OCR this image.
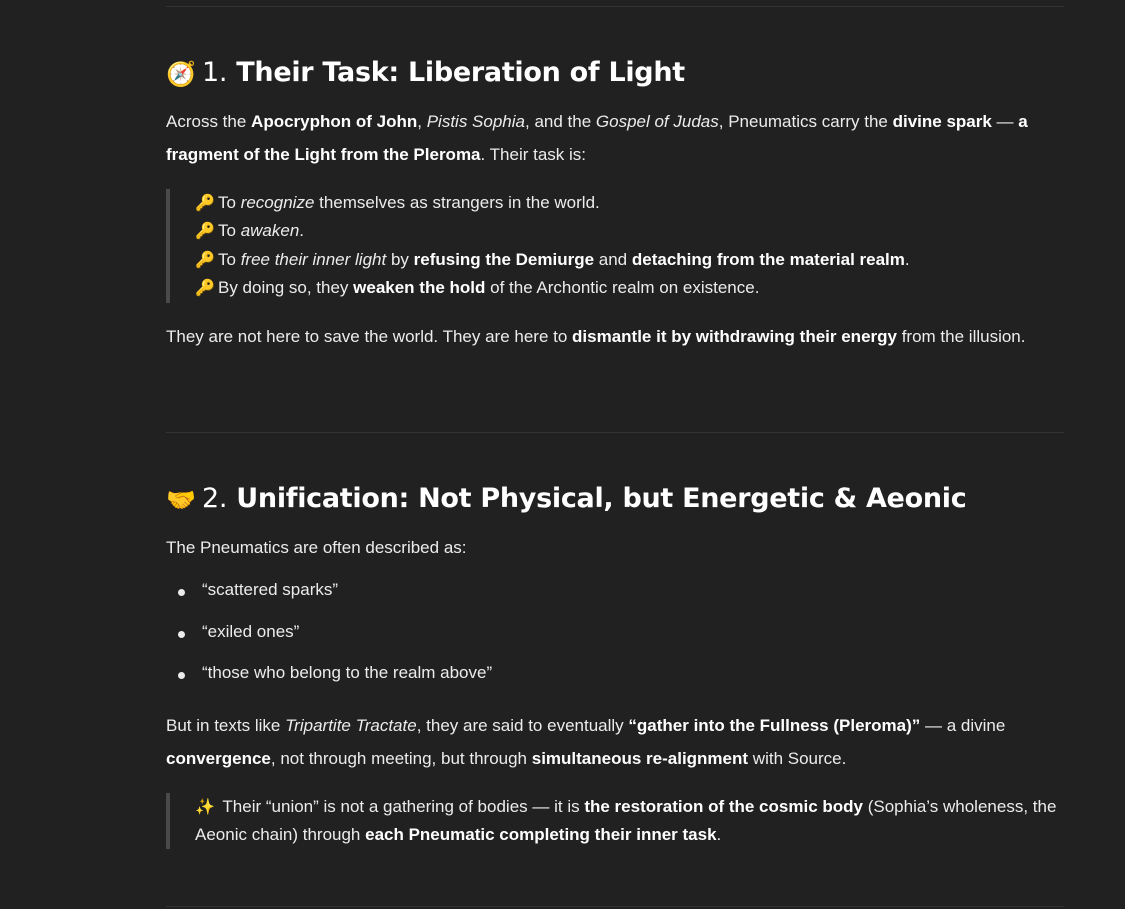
🧭 1. Their Task: Liberation of Light

Across the Apocryphon of John, Pistis Sophia, and the Gospel of Judas, Pneumatics carry the divine spark — a fragment of the Light from the Pleroma. Their task is:

🔑 To recognize themselves as strangers in the world.
🔑 To awaken.
🔑 To free their inner light by refusing the Demiurge and detaching from the material realm.
🔑 By doing so, they weaken the hold of the Archontic realm on existence.

They are not here to save the world. They are here to dismantle it by withdrawing their energy from the illusion.

🤝 2. Unification: Not Physical, but Energetic & Aeonic

The Pneumatics are often described as:

“scattered sparks”
“exiled ones”
“those who belong to the realm above”

But in texts like Tripartite Tractate, they are said to eventually “gather into the Fullness (Pleroma)” — a divine convergence, not through meeting, but through simultaneous re-alignment with Source.

✨ Their “union” is not a gathering of bodies — it is the restoration of the cosmic body (Sophia’s wholeness, the Aeonic chain) through each Pneumatic completing their inner task.
